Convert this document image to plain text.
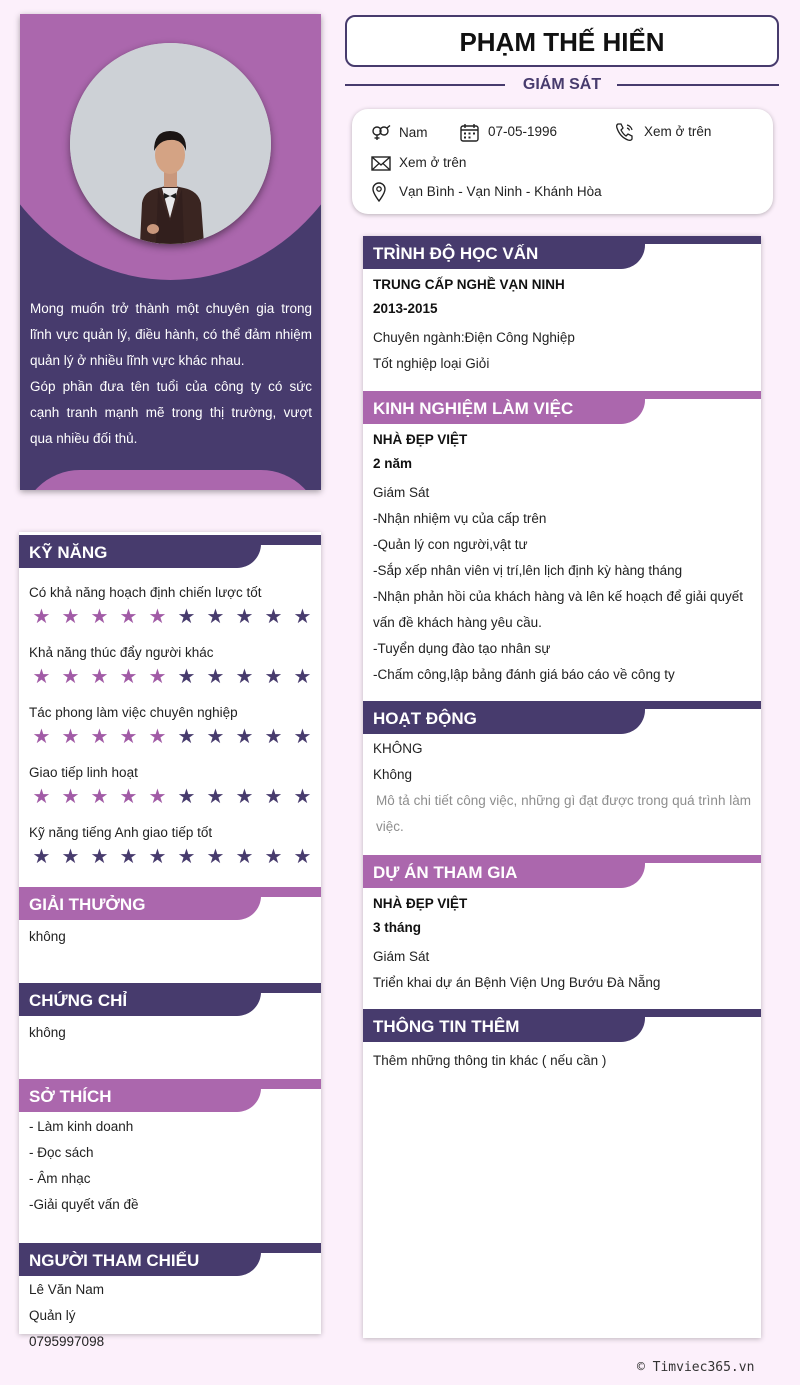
Mong muốn trở thành một chuyên gia trong lĩnh vực quản lý, điều hành, có thể đảm nhiệm quản lý ở nhiều lĩnh vực khác nhau.
Góp phần đưa tên tuổi của công ty có sức cạnh tranh mạnh mẽ trong thị trường, vượt qua nhiều đối thủ.
KỸ NĂNG
Có khả năng hoạch định chiến lược tốt
★ ★ ★ ★ ★ ★ ★ ★ ★ ★
Khả năng thúc đẩy người khác
★ ★ ★ ★ ★ ★ ★ ★ ★ ★
Tác phong làm việc chuyên nghiệp
★ ★ ★ ★ ★ ★ ★ ★ ★ ★
Giao tiếp linh hoạt
★ ★ ★ ★ ★ ★ ★ ★ ★ ★
Kỹ năng tiếng Anh giao tiếp tốt
★ ★ ★ ★ ★ ★ ★ ★ ★ ★
GIẢI THƯỞNG
không
CHỨNG CHỈ
không
SỞ THÍCH
- Làm kinh doanh
- Đọc sách
- Âm nhạc
-Giải quyết vấn đề
NGƯỜI THAM CHIẾU
Lê Văn Nam
Quản lý
0795997098
PHẠM THẾ HIỂN
GIÁM SÁT
Nam	07-05-1996	Xem ở trên
Xem ở trên
Vạn Bình - Vạn Ninh - Khánh Hòa
TRÌNH ĐỘ HỌC VẤN
TRUNG CẤP NGHỀ VẠN NINH
2013-2015
Chuyên ngành:Điện Công Nghiệp
Tốt nghiệp loại Giỏi
KINH NGHIỆM LÀM VIỆC
NHÀ ĐẸP VIỆT
2 năm
Giám Sát
-Nhận nhiệm vụ của cấp trên
-Quản lý con người,vật tư
-Sắp xếp nhân viên vị trí,lên lịch định kỳ hàng tháng
-Nhận phản hồi của khách hàng và lên kế hoạch để giải quyết vấn đề khách hàng yêu cầu.
-Tuyển dụng đào tạo nhân sự
-Chấm công,lập bảng đánh giá báo cáo về công ty
HOẠT ĐỘNG
KHÔNG
Không
Mô tả chi tiết công việc, những gì đạt được trong quá trình làm việc.
DỰ ÁN THAM GIA
NHÀ ĐẸP VIỆT
3 tháng
Giám Sát
Triển khai dự án Bệnh Viện Ung Bướu Đà Nẵng
THÔNG TIN THÊM
Thêm những thông tin khác ( nếu cần )
© Timviec365.vn
